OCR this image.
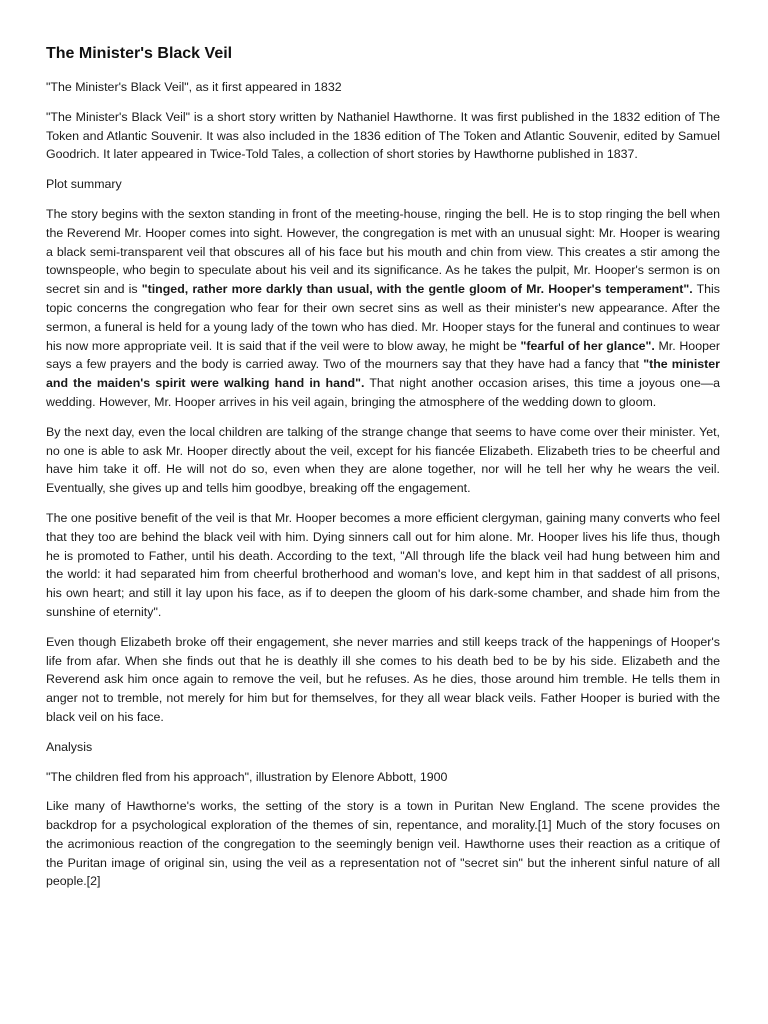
The Minister's Black Veil

"The Minister's Black Veil", as it first appeared in 1832

"The Minister's Black Veil" is a short story written by Nathaniel Hawthorne. It was first published in the 1832 edition of The Token and Atlantic Souvenir. It was also included in the 1836 edition of The Token and Atlantic Souvenir, edited by Samuel Goodrich. It later appeared in Twice-Told Tales, a collection of short stories by Hawthorne published in 1837.

Plot summary

The story begins with the sexton standing in front of the meeting-house, ringing the bell. He is to stop ringing the bell when the Reverend Mr. Hooper comes into sight. However, the congregation is met with an unusual sight: Mr. Hooper is wearing a black semi-transparent veil that obscures all of his face but his mouth and chin from view. This creates a stir among the townspeople, who begin to speculate about his veil and its significance. As he takes the pulpit, Mr. Hooper's sermon is on secret sin and is "tinged, rather more darkly than usual, with the gentle gloom of Mr. Hooper's temperament". This topic concerns the congregation who fear for their own secret sins as well as their minister's new appearance. After the sermon, a funeral is held for a young lady of the town who has died. Mr. Hooper stays for the funeral and continues to wear his now more appropriate veil. It is said that if the veil were to blow away, he might be "fearful of her glance". Mr. Hooper says a few prayers and the body is carried away. Two of the mourners say that they have had a fancy that "the minister and the maiden's spirit were walking hand in hand". That night another occasion arises, this time a joyous one—a wedding. However, Mr. Hooper arrives in his veil again, bringing the atmosphere of the wedding down to gloom.

By the next day, even the local children are talking of the strange change that seems to have come over their minister. Yet, no one is able to ask Mr. Hooper directly about the veil, except for his fiancée Elizabeth. Elizabeth tries to be cheerful and have him take it off. He will not do so, even when they are alone together, nor will he tell her why he wears the veil. Eventually, she gives up and tells him goodbye, breaking off the engagement.

The one positive benefit of the veil is that Mr. Hooper becomes a more efficient clergyman, gaining many converts who feel that they too are behind the black veil with him. Dying sinners call out for him alone. Mr. Hooper lives his life thus, though he is promoted to Father, until his death. According to the text, "All through life the black veil had hung between him and the world: it had separated him from cheerful brotherhood and woman's love, and kept him in that saddest of all prisons, his own heart; and still it lay upon his face, as if to deepen the gloom of his dark-some chamber, and shade him from the sunshine of eternity".

Even though Elizabeth broke off their engagement, she never marries and still keeps track of the happenings of Hooper's life from afar. When she finds out that he is deathly ill she comes to his death bed to be by his side. Elizabeth and the Reverend ask him once again to remove the veil, but he refuses. As he dies, those around him tremble. He tells them in anger not to tremble, not merely for him but for themselves, for they all wear black veils. Father Hooper is buried with the black veil on his face.

Analysis

"The children fled from his approach", illustration by Elenore Abbott, 1900

Like many of Hawthorne's works, the setting of the story is a town in Puritan New England. The scene provides the backdrop for a psychological exploration of the themes of sin, repentance, and morality.[1] Much of the story focuses on the acrimonious reaction of the congregation to the seemingly benign veil. Hawthorne uses their reaction as a critique of the Puritan image of original sin, using the veil as a representation not of "secret sin" but the inherent sinful nature of all people.[2]
